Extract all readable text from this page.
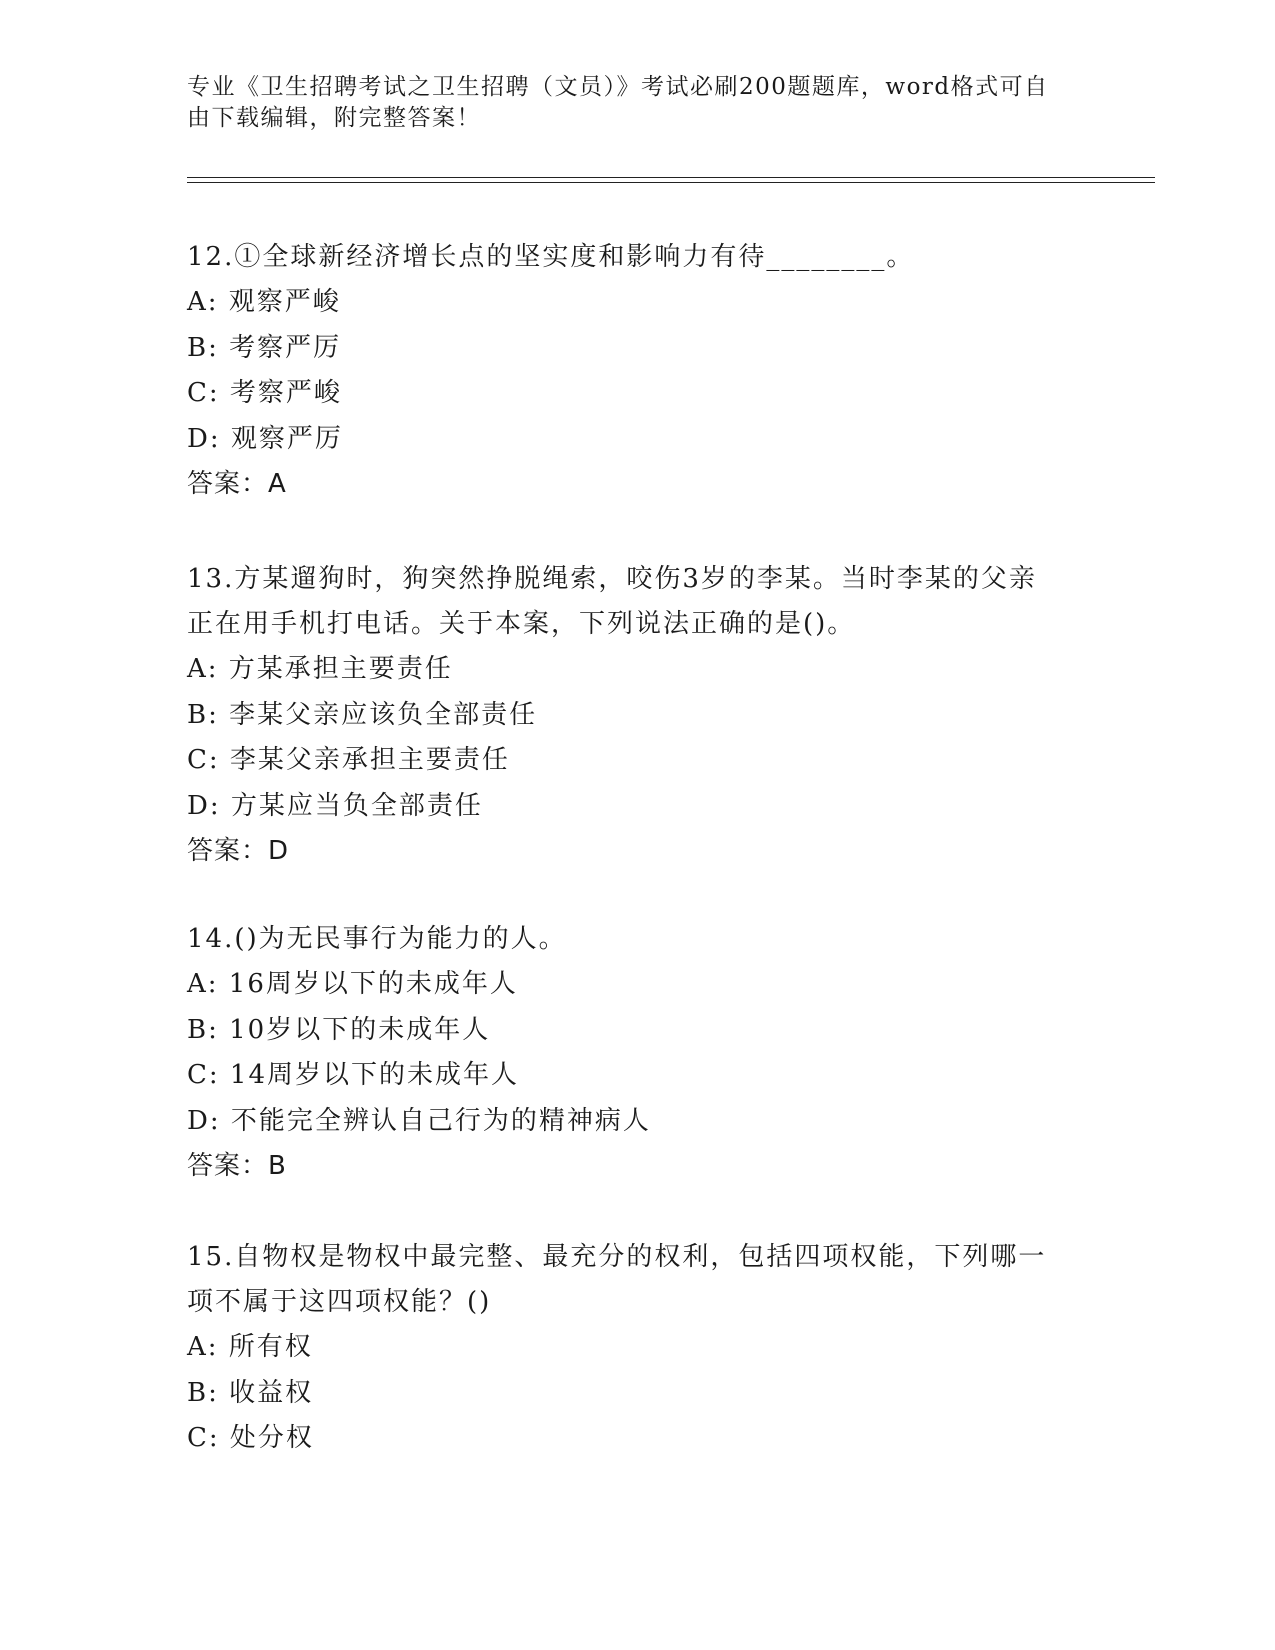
专业《卫生招聘考试之卫生招聘（文员）》考试必刷200题题库，word格式可自
由下载编辑，附完整答案！

12.①全球新经济增长点的坚实度和影响力有待________。

A: 观察严峻

B: 考察严厉

C: 考察严峻

D: 观察严厉

答案：A

13.方某遛狗时，狗突然挣脱绳索，咬伤3岁的李某。当时李某的父亲

正在用手机打电话。关于本案，下列说法正确的是()。

A: 方某承担主要责任

B: 李某父亲应该负全部责任

C: 李某父亲承担主要责任

D: 方某应当负全部责任

答案：D

14.()为无民事行为能力的人。

A: 16周岁以下的未成年人

B: 10岁以下的未成年人

C: 14周岁以下的未成年人

D: 不能完全辨认自己行为的精神病人

答案：B

15.自物权是物权中最完整、最充分的权利，包括四项权能，下列哪一

项不属于这四项权能？()

A: 所有权

B: 收益权

C: 处分权
